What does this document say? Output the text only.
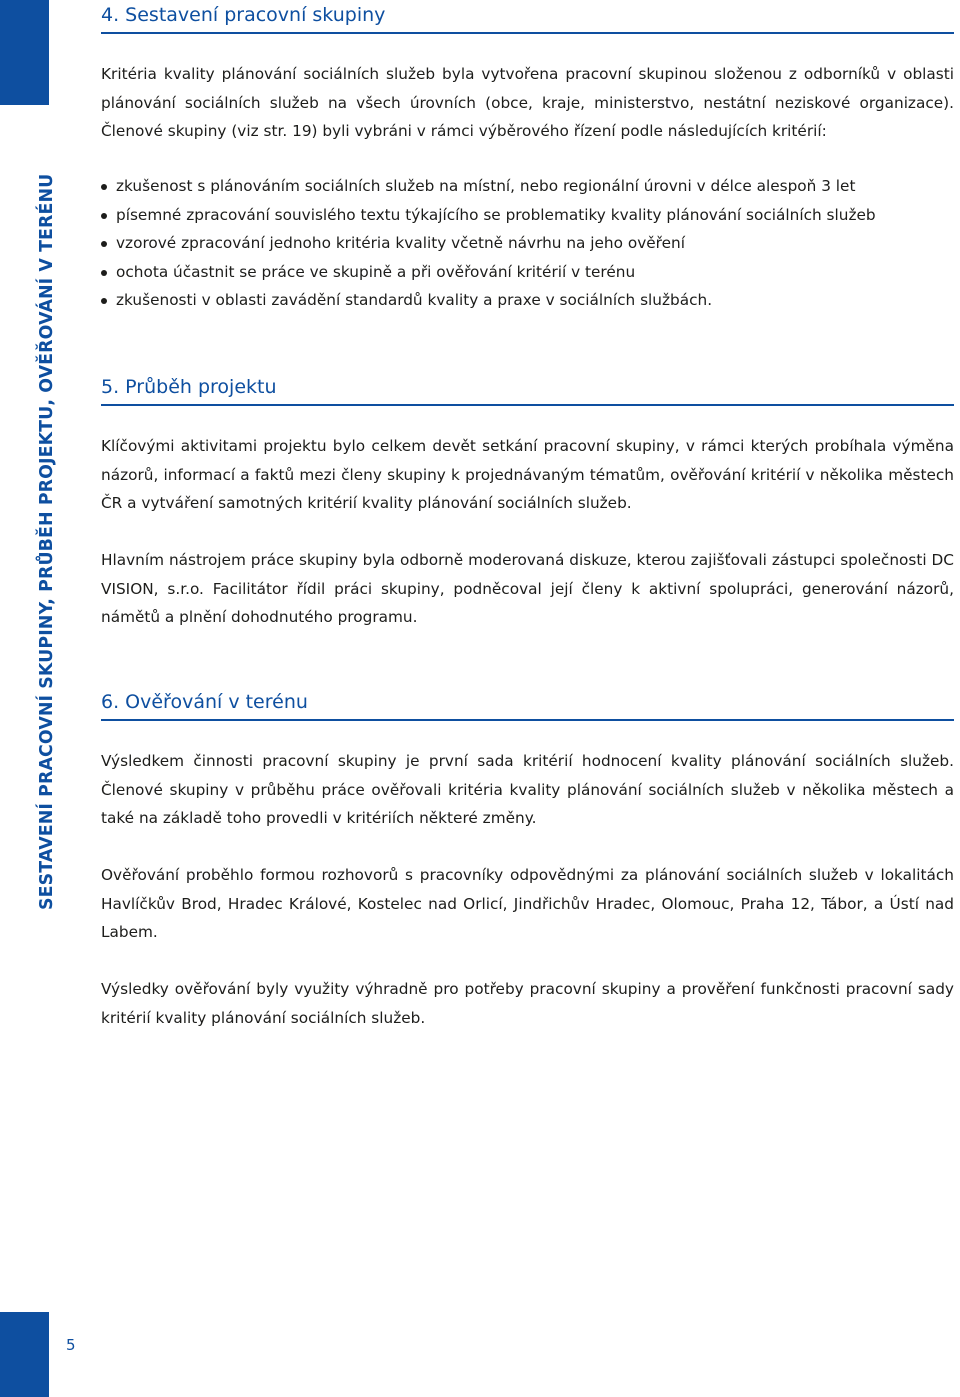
SESTAVENÍ PRACOVNÍ SKUPINY, PRŮBĚH PROJEKTU, OVĚŘOVÁNÍ V TERÉNU
5
4. Sestavení pracovní skupiny

Kritéria kvality plánování sociálních služeb byla vytvořena pracovní skupinou složenou z odborníků v oblasti plánování sociálních služeb na všech úrovních (obce, kraje, ministerstvo, nestátní neziskové organizace). Členové skupiny (viz str. 19) byli vybráni v rámci výběrového řízení podle následujících kritérií:

zkušenost s plánováním sociálních služeb na místní, nebo regionální úrovni v délce alespoň 3 let
písemné zpracování souvislého textu týkajícího se problematiky kvality plánování sociálních služeb
vzorové zpracování jednoho kritéria kvality včetně návrhu na jeho ověření
ochota účastnit se práce ve skupině a při ověřování kritérií v terénu
zkušenosti v oblasti zavádění standardů kvality a praxe v sociálních službách.
5. Průběh projektu

Klíčovými aktivitami projektu bylo celkem devět setkání pracovní skupiny, v rámci kterých probíhala výměna názorů, informací a faktů mezi členy skupiny k projednávaným tématům, ověřování kritérií v několika městech ČR a vytváření samotných kritérií kvality plánování sociálních služeb.

Hlavním nástrojem práce skupiny byla odborně moderovaná diskuze, kterou zajišťovali zástupci společnosti DC VISION, s.r.o. Facilitátor řídil práci skupiny, podněcoval její členy k aktivní spolupráci, generování názorů, námětů a plnění dohodnutého programu.

6. Ověřování v terénu

Výsledkem činnosti pracovní skupiny je první sada kritérií hodnocení kvality plánování sociálních služeb. Členové skupiny v průběhu práce ověřovali kritéria kvality plánování sociálních služeb v několika městech a také na základě toho provedli v kritériích některé změny.

Ověřování proběhlo formou rozhovorů s pracovníky odpovědnými za plánování sociálních služeb v lokalitách Havlíčkův Brod, Hradec Králové, Kostelec nad Orlicí, Jindřichův Hradec, Olomouc, Praha 12, Tábor, a Ústí nad Labem.

Výsledky ověřování byly využity výhradně pro potřeby pracovní skupiny a prověření funkčnosti pracovní sady kritérií kvality plánování sociálních služeb.
